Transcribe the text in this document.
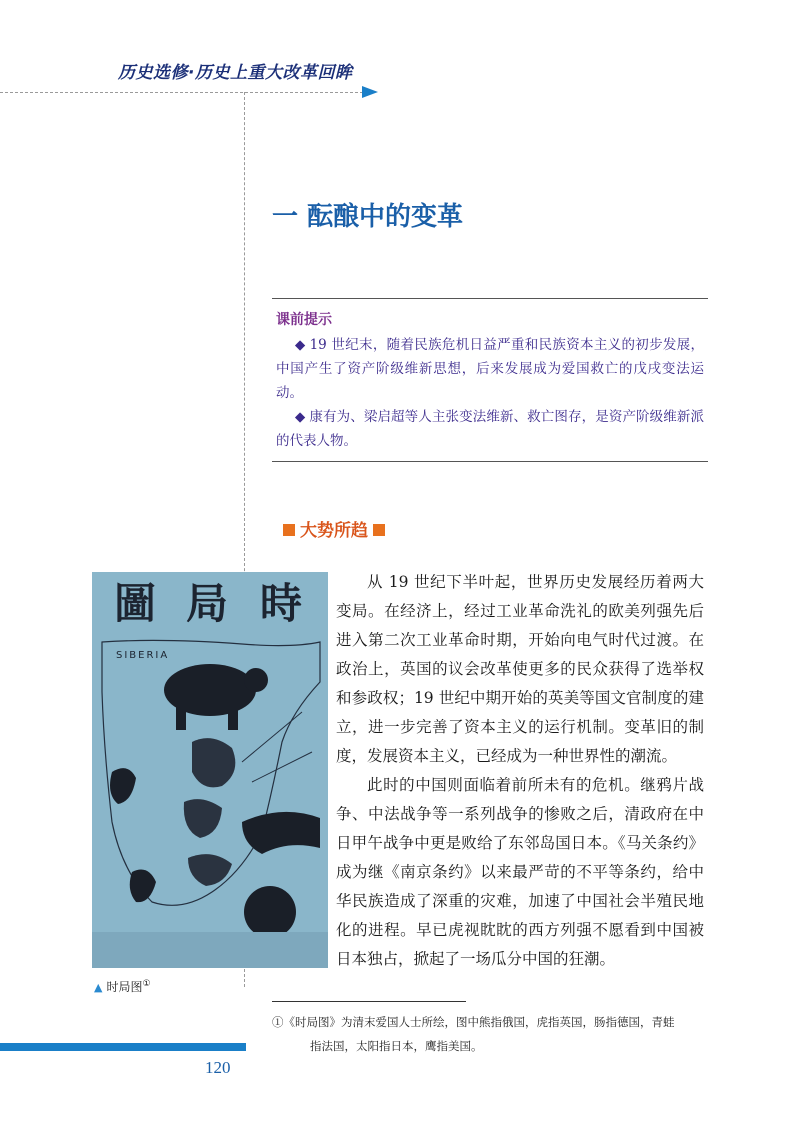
历史选修·历史上重大改革回眸
一 酝酿中的变革
课前提示

◆ 19 世纪末，随着民族危机日益严重和民族资本主义的初步发展，中国产生了资产阶级维新思想，后来发展成为爱国救亡的戊戌变法运动。

◆ 康有为、梁启超等人主张变法维新、救亡图存，是资产阶级维新派的代表人物。

大势所趋
圖 局 時
SIBERIA
▲ 时局图①

从 19 世纪下半叶起，世界历史发展经历着两大变局。在经济上，经过工业革命洗礼的欧美列强先后进入第二次工业革命时期，开始向电气时代过渡。在政治上，英国的议会改革使更多的民众获得了选举权和参政权；19 世纪中期开始的英美等国文官制度的建立，进一步完善了资本主义的运行机制。变革旧的制度，发展资本主义，已经成为一种世界性的潮流。

此时的中国则面临着前所未有的危机。继鸦片战争、中法战争等一系列战争的惨败之后，清政府在中日甲午战争中更是败给了东邻岛国日本。《马关条约》成为继《南京条约》以来最严苛的不平等条约，给中华民族造成了深重的灾难，加速了中国社会半殖民地化的进程。早已虎视眈眈的西方列强不愿看到中国被日本独占，掀起了一场瓜分中国的狂潮。

①《时局图》为清末爱国人士所绘，图中熊指俄国，虎指英国，肠指德国，青蛙
指法国，太阳指日本，鹰指美国。
120
